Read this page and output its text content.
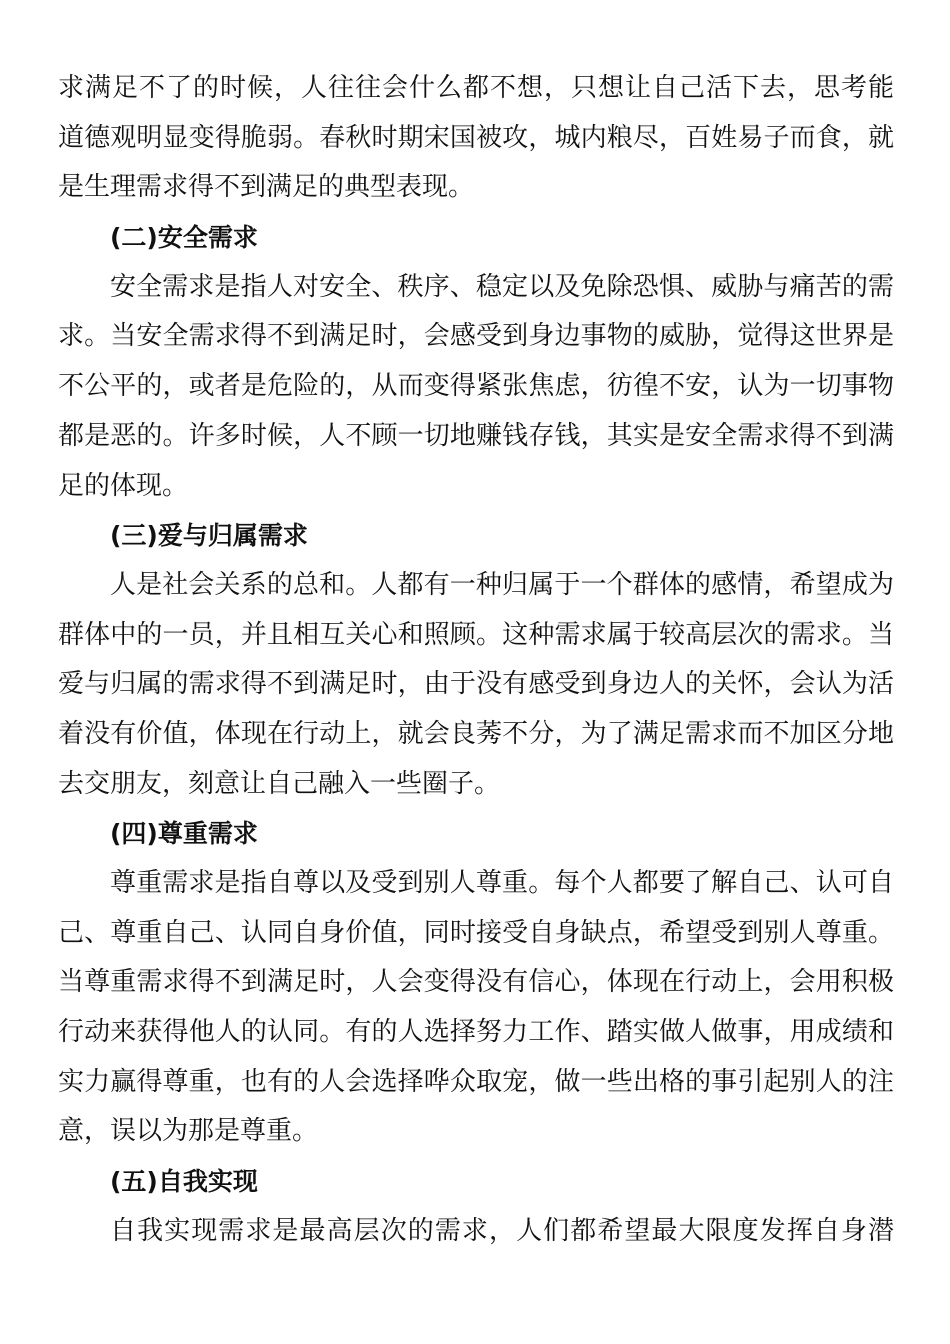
求满足不了的时候，人往往会什么都不想，只想让自己活下去，思考能
道德观明显变得脆弱。春秋时期宋国被攻，城内粮尽，百姓易子而食，就
是生理需求得不到满足的典型表现。
(二)安全需求
安全需求是指人对安全、秩序、稳定以及免除恐惧、威胁与痛苦的需
求。当安全需求得不到满足时，会感受到身边事物的威胁，觉得这世界是
不公平的，或者是危险的，从而变得紧张焦虑，彷徨不安，认为一切事物
都是恶的。许多时候，人不顾一切地赚钱存钱，其实是安全需求得不到满
足的体现。
(三)爱与归属需求
人是社会关系的总和。人都有一种归属于一个群体的感情，希望成为
群体中的一员，并且相互关心和照顾。这种需求属于较高层次的需求。当
爱与归属的需求得不到满足时，由于没有感受到身边人的关怀，会认为活
着没有价值，体现在行动上，就会良莠不分，为了满足需求而不加区分地
去交朋友，刻意让自己融入一些圈子。
(四)尊重需求
尊重需求是指自尊以及受到别人尊重。每个人都要了解自己、认可自
己、尊重自己、认同自身价值，同时接受自身缺点，希望受到别人尊重。
当尊重需求得不到满足时，人会变得没有信心，体现在行动上，会用积极
行动来获得他人的认同。有的人选择努力工作、踏实做人做事，用成绩和
实力赢得尊重，也有的人会选择哗众取宠，做一些出格的事引起别人的注
意，误以为那是尊重。
(五)自我实现
自我实现需求是最高层次的需求，人们都希望最大限度发挥自身潜
